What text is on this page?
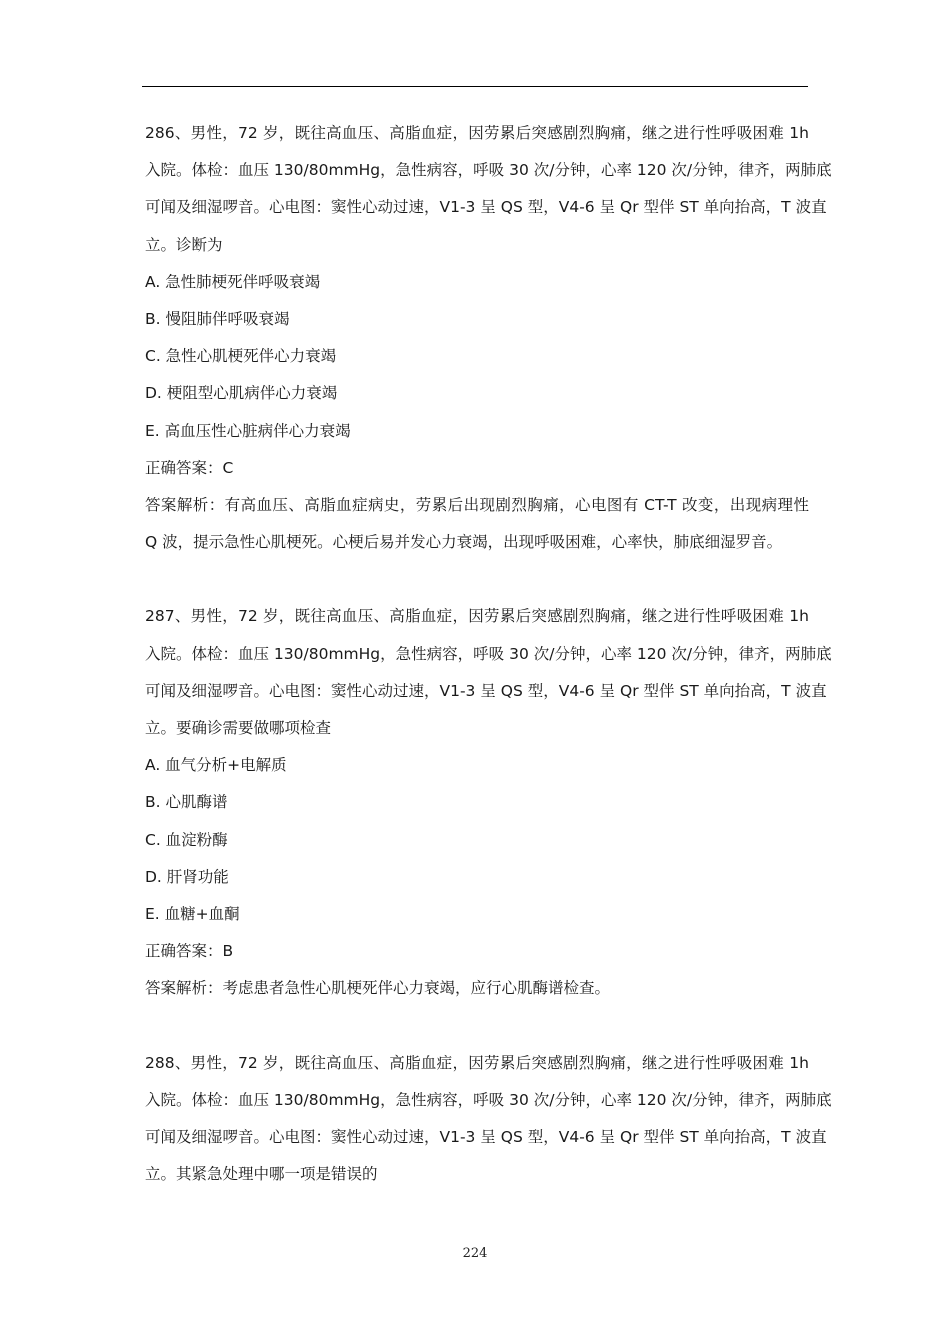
286、男性，72 岁，既往高血压、高脂血症，因劳累后突感剧烈胸痛，继之进行性呼吸困难 1h
入院。体检：血压 130/80mmHg，急性病容，呼吸 30 次/分钟，心率 120 次/分钟，律齐，两肺底
可闻及细湿啰音。心电图：窦性心动过速，V1-3 呈 QS 型，V4-6 呈 Qr 型伴 ST 单向抬高，T 波直
立。诊断为
A. 急性肺梗死伴呼吸衰竭
B. 慢阻肺伴呼吸衰竭
C. 急性心肌梗死伴心力衰竭
D. 梗阻型心肌病伴心力衰竭
E. 高血压性心脏病伴心力衰竭
正确答案：C
答案解析：有高血压、高脂血症病史，劳累后出现剧烈胸痛，心电图有 CT-T 改变，出现病理性
Q 波，提示急性心肌梗死。心梗后易并发心力衰竭，出现呼吸困难，心率快，肺底细湿罗音。
287、男性，72 岁，既往高血压、高脂血症，因劳累后突感剧烈胸痛，继之进行性呼吸困难 1h
入院。体检：血压 130/80mmHg，急性病容，呼吸 30 次/分钟，心率 120 次/分钟，律齐，两肺底
可闻及细湿啰音。心电图：窦性心动过速，V1-3 呈 QS 型，V4-6 呈 Qr 型伴 ST 单向抬高，T 波直
立。要确诊需要做哪项检查
A. 血气分析+电解质
B. 心肌酶谱
C. 血淀粉酶
D. 肝肾功能
E. 血糖+血酮
正确答案：B
答案解析：考虑患者急性心肌梗死伴心力衰竭，应行心肌酶谱检查。
288、男性，72 岁，既往高血压、高脂血症，因劳累后突感剧烈胸痛，继之进行性呼吸困难 1h
入院。体检：血压 130/80mmHg，急性病容，呼吸 30 次/分钟，心率 120 次/分钟，律齐，两肺底
可闻及细湿啰音。心电图：窦性心动过速，V1-3 呈 QS 型，V4-6 呈 Qr 型伴 ST 单向抬高，T 波直
立。其紧急处理中哪一项是错误的
224
